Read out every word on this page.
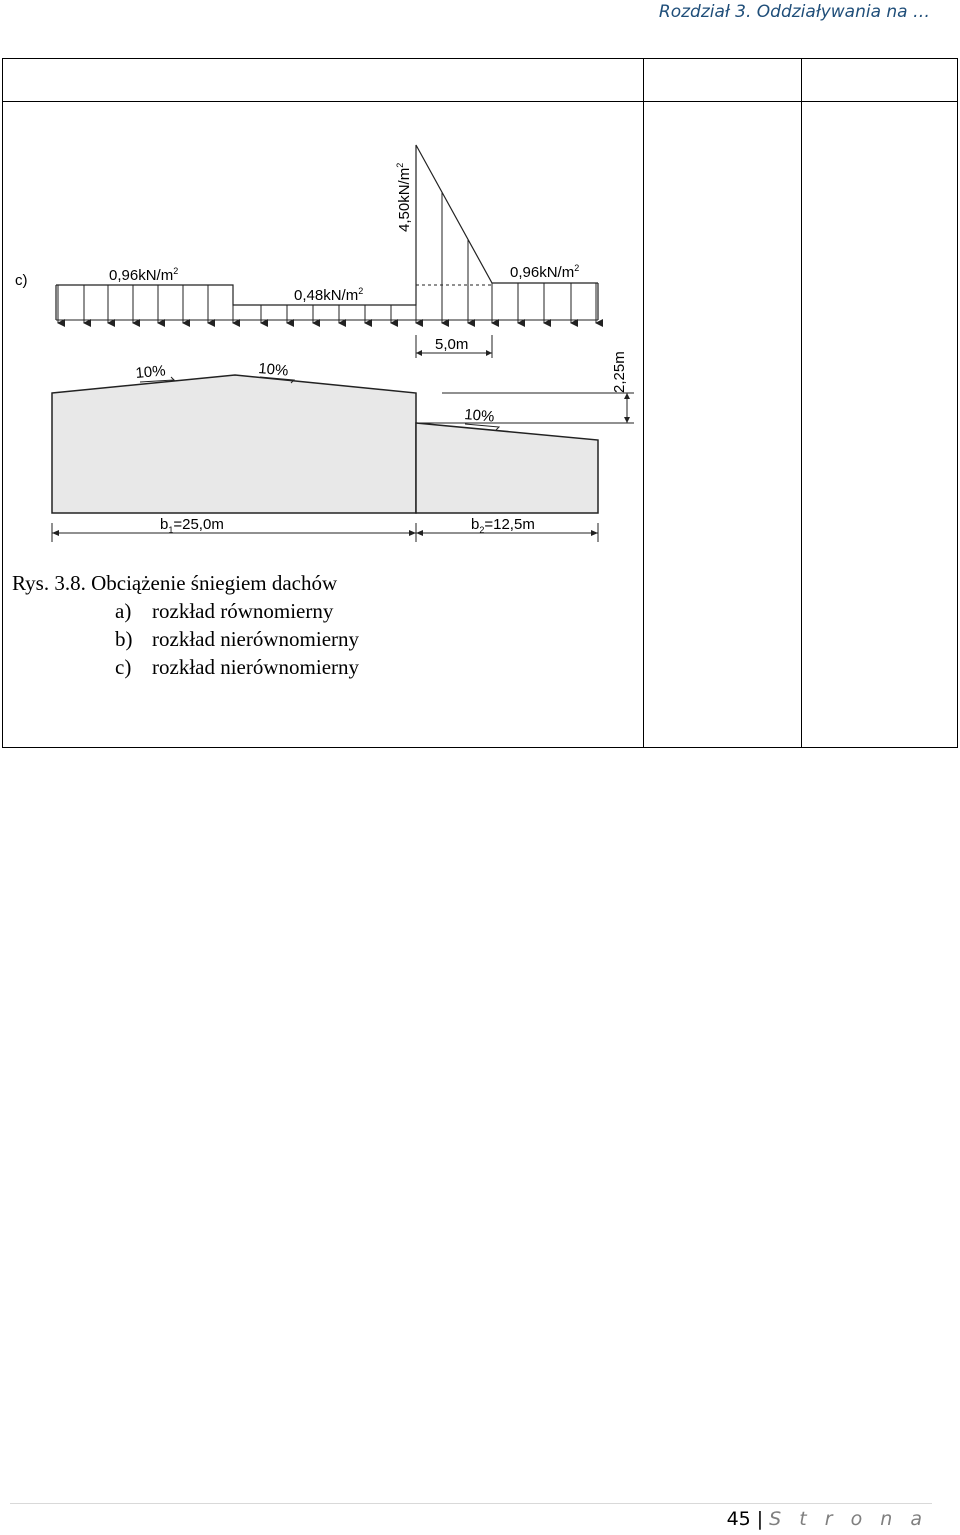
Rozdział 3. Oddziaływania na …
c)	$0,96kN/m^2$
$0,48kN/m^2$
$0,96kN/m^2$
$4,50kN/m^2$
5,0m
2,25m
10%	10%
10%
$b_1=25,0m$	$b_2=12,5m$
Rys. 3.8. Obciążenie śniegiem dachów
a) rozkład równomierny
b) rozkład nierównomierny
c) rozkład nierównomierny
45 | S t r o n a
